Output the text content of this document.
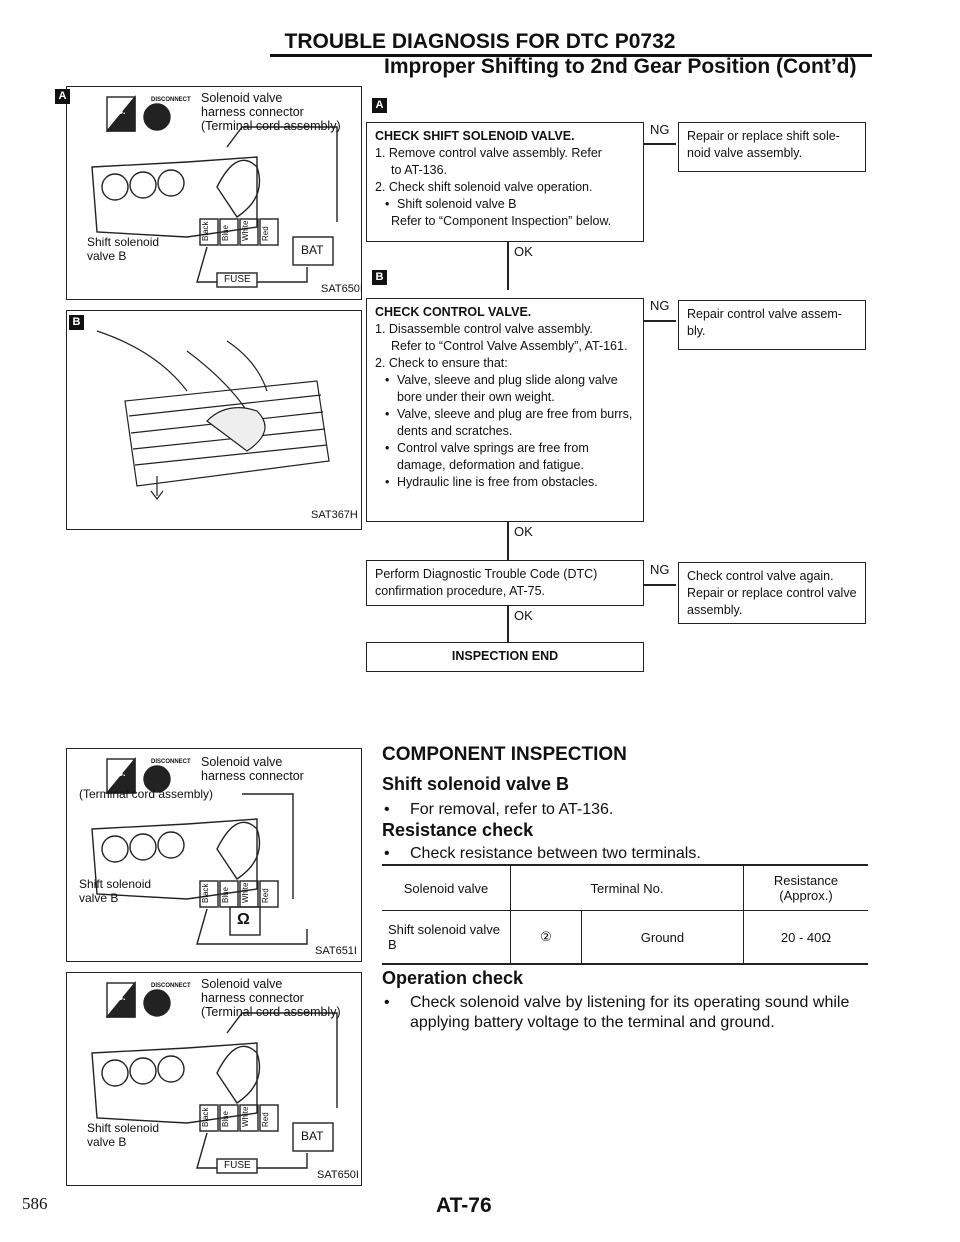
TROUBLE DIAGNOSIS FOR DTC P0732
Improper Shifting to 2nd Gear Position (Cont’d)
A
T.S.
DISCONNECT Solenoid valve
harness connector
(Terminal cord assembly)
Shift solenoid
valve B	BAT
FUSE
SAT650I
Black Blue White Red
B
SAT367H
A
CHECK SHIFT SOLENOID VALVE.
1. Remove control valve assembly. Refer
to AT-136.
2. Check shift solenoid valve operation.
• Shift solenoid valve B
Refer to “Component Inspection” below.
NG	Repair or replace shift sole- noid valve assembly.
OK
B
CHECK CONTROL VALVE.
1. Disassemble control valve assembly.
Refer to “Control Valve Assembly”, AT-161.
2. Check to ensure that:
• Valve, sleeve and plug slide along valve bore under their own weight.
• Valve, sleeve and plug are free from burrs, dents and scratches.
• Control valve springs are free from damage, deformation and fatigue.
• Hydraulic line is free from obstacles.
NG
Repair control valve assem- bly.
OK
Perform Diagnostic Trouble Code (DTC) confirmation procedure, AT-75.
NG	Check control valve again. Repair or replace control valve assembly.
OK
INSPECTION END
T.S.
DISCONNECT Solenoid valve
harness connector
(Terminal cord assembly)
Shift solenoid
valve B
Ω
SAT651I
Black Blue White Red
T.S.
DISCONNECT Solenoid valve
harness connector
(Terminal cord assembly)
Shift solenoid
valve B	BAT
FUSE
SAT650I
Black Blue White Red
COMPONENT INSPECTION
Shift solenoid valve B
• For removal, refer to AT-136.
Resistance check
• Check resistance between two terminals.
Solenoid valve	Terminal No.		Resistance (Approx.)
Shift solenoid valve B	②	Ground	20 - 40Ω
Operation check
• Check solenoid valve by listening for its operating sound while applying battery voltage to the terminal and ground.
586	AT-76
